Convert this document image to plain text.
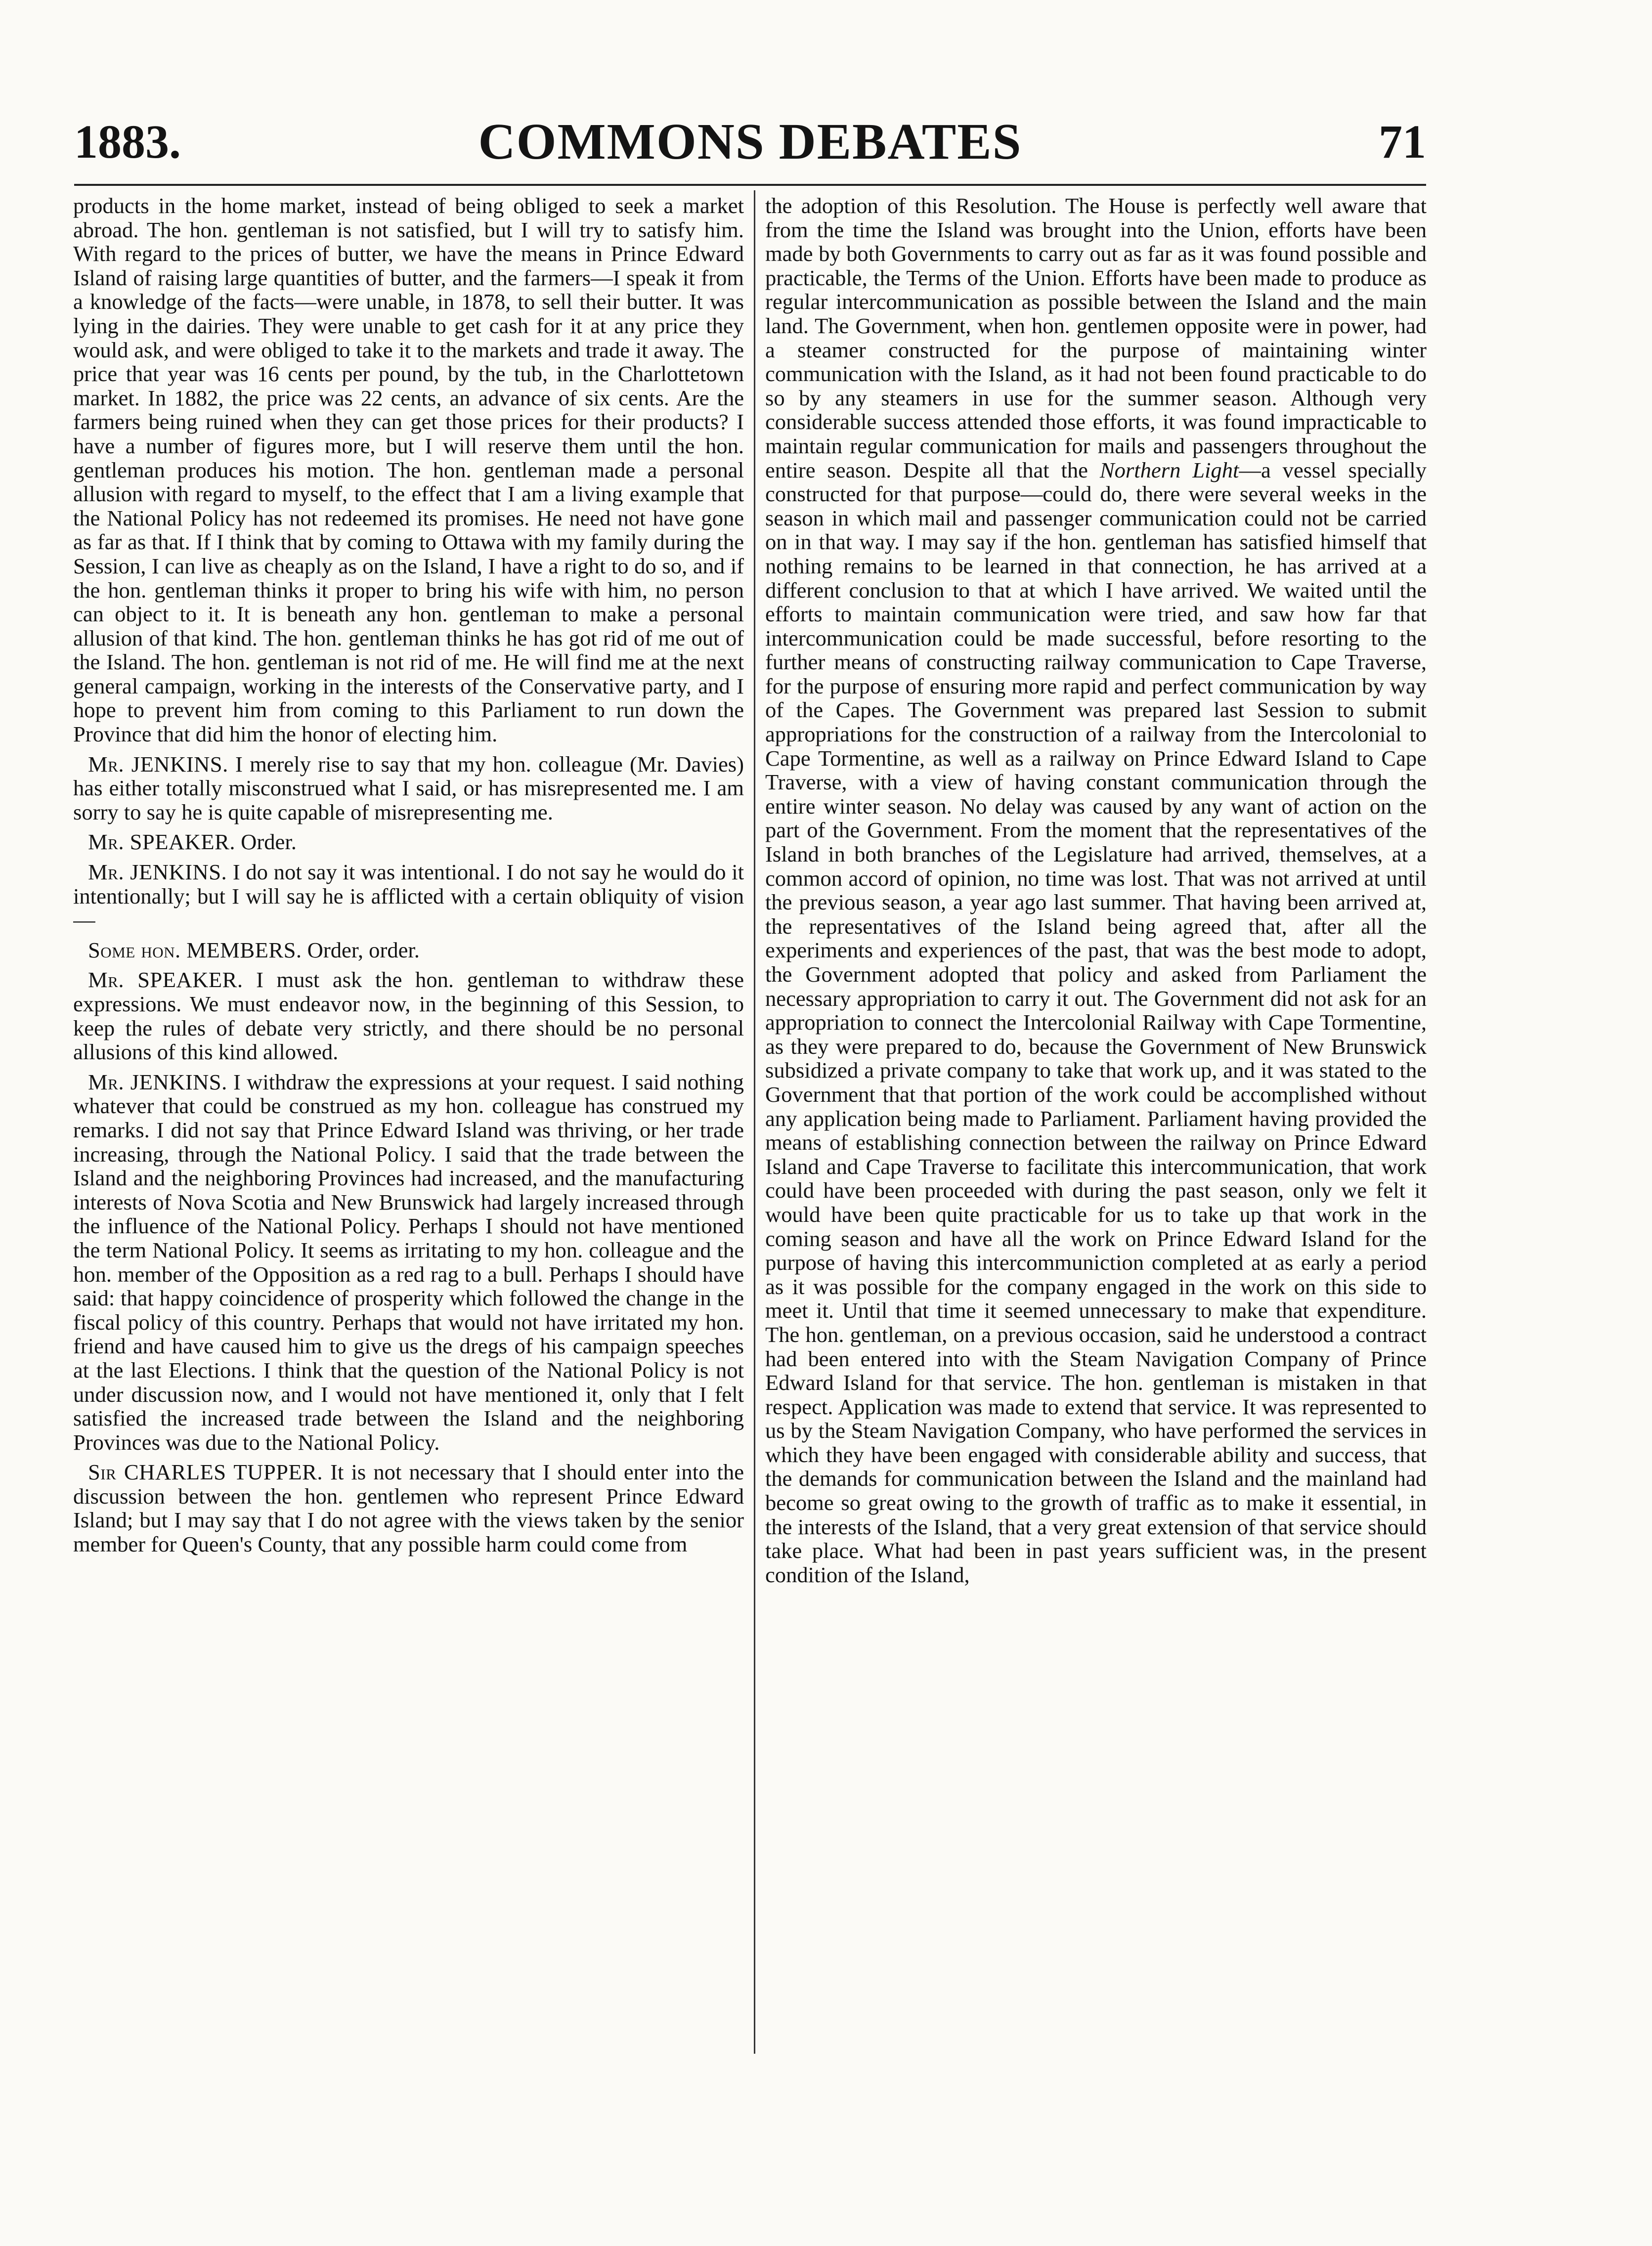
1883.	COMMONS DEBATES	71

products in the home market, instead of being obliged to seek a market abroad. The hon. gentleman is not satisfied, but I will try to satisfy him. With regard to the prices of butter, we have the means in Prince Edward Island of raising large quantities of butter, and the farmers—I speak it from a knowledge of the facts—were unable, in 1878, to sell their butter. It was lying in the dairies. They were unable to get cash for it at any price they would ask, and were obliged to take it to the markets and trade it away. The price that year was 16 cents per pound, by the tub, in the Charlottetown market. In 1882, the price was 22 cents, an advance of six cents. Are the farmers being ruined when they can get those prices for their products? I have a number of figures more, but I will reserve them until the hon. gentleman produces his motion. The hon. gentleman made a personal allusion with regard to myself, to the effect that I am a living example that the National Policy has not redeemed its promises. He need not have gone as far as that. If I think that by coming to Ottawa with my family during the Session, I can live as cheaply as on the Island, I have a right to do so, and if the hon. gentleman thinks it proper to bring his wife with him, no person can object to it. It is beneath any hon. gentleman to make a personal allusion of that kind. The hon. gentleman thinks he has got rid of me out of the Island. The hon. gentleman is not rid of me. He will find me at the next general campaign, working in the interests of the Conservative party, and I hope to prevent him from coming to this Parliament to run down the Province that did him the honor of electing him.

Mr. JENKINS. I merely rise to say that my hon. colleague (Mr. Davies) has either totally misconstrued what I said, or has misrepresented me. I am sorry to say he is quite capable of misrepresenting me.

Mr. SPEAKER. Order.

Mr. JENKINS. I do not say it was intentional. I do not say he would do it intentionally; but I will say he is afflicted with a certain obliquity of vision—

Some hon. MEMBERS. Order, order.

Mr. SPEAKER. I must ask the hon. gentleman to withdraw these expressions. We must endeavor now, in the beginning of this Session, to keep the rules of debate very strictly, and there should be no personal allusions of this kind allowed.

Mr. JENKINS. I withdraw the expressions at your request. I said nothing whatever that could be construed as my hon. colleague has construed my remarks. I did not say that Prince Edward Island was thriving, or her trade increasing, through the National Policy. I said that the trade between the Island and the neighboring Provinces had increased, and the manufacturing interests of Nova Scotia and New Brunswick had largely increased through the influence of the National Policy. Perhaps I should not have mentioned the term National Policy. It seems as irritating to my hon. colleague and the hon. member of the Opposition as a red rag to a bull. Perhaps I should have said: that happy coincidence of prosperity which followed the change in the fiscal policy of this country. Perhaps that would not have irritated my hon. friend and have caused him to give us the dregs of his campaign speeches at the last Elections. I think that the question of the National Policy is not under discussion now, and I would not have mentioned it, only that I felt satisfied the increased trade between the Island and the neighboring Provinces was due to the National Policy.

Sir CHARLES TUPPER. It is not necessary that I should enter into the discussion between the hon. gentlemen who represent Prince Edward Island; but I may say that I do not agree with the views taken by the senior member for Queen's County, that any possible harm could come from

the adoption of this Resolution. The House is perfectly well aware that from the time the Island was brought into the Union, efforts have been made by both Governments to carry out as far as it was found possible and practicable, the Terms of the Union. Efforts have been made to produce as regular intercommunication as possible between the Island and the main land. The Government, when hon. gentlemen opposite were in power, had a steamer constructed for the purpose of maintaining winter communication with the Island, as it had not been found practicable to do so by any steamers in use for the summer season. Although very considerable success attended those efforts, it was found impracticable to maintain regular communication for mails and passengers throughout the entire season. Despite all that the Northern Light—a vessel specially constructed for that purpose—could do, there were several weeks in the season in which mail and passenger communication could not be carried on in that way. I may say if the hon. gentleman has satisfied himself that nothing remains to be learned in that connection, he has arrived at a different conclusion to that at which I have arrived. We waited until the efforts to maintain communication were tried, and saw how far that intercommunication could be made successful, before resorting to the further means of constructing railway communication to Cape Traverse, for the purpose of ensuring more rapid and perfect communication by way of the Capes. The Government was prepared last Session to submit appropriations for the construction of a railway from the Intercolonial to Cape Tormentine, as well as a railway on Prince Edward Island to Cape Traverse, with a view of having constant communication through the entire winter season. No delay was caused by any want of action on the part of the Government. From the moment that the representatives of the Island in both branches of the Legislature had arrived, themselves, at a common accord of opinion, no time was lost. That was not arrived at until the previous season, a year ago last summer. That having been arrived at, the representatives of the Island being agreed that, after all the experiments and experiences of the past, that was the best mode to adopt, the Government adopted that policy and asked from Parliament the necessary appropriation to carry it out. The Government did not ask for an appropriation to connect the Intercolonial Railway with Cape Tormentine, as they were prepared to do, because the Government of New Brunswick subsidized a private company to take that work up, and it was stated to the Government that that portion of the work could be accomplished without any application being made to Parliament. Parliament having provided the means of establishing connection between the railway on Prince Edward Island and Cape Traverse to facilitate this intercommunication, that work could have been proceeded with during the past season, only we felt it would have been quite practicable for us to take up that work in the coming season and have all the work on Prince Edward Island for the purpose of having this intercommuniction completed at as early a period as it was possible for the company engaged in the work on this side to meet it. Until that time it seemed unnecessary to make that expenditure. The hon. gentleman, on a previous occasion, said he understood a contract had been entered into with the Steam Navigation Company of Prince Edward Island for that service. The hon. gentleman is mistaken in that respect. Application was made to extend that service. It was represented to us by the Steam Navigation Company, who have performed the services in which they have been engaged with considerable ability and success, that the demands for communication between the Island and the mainland had become so great owing to the growth of traffic as to make it essential, in the interests of the Island, that a very great extension of that service should take place. What had been in past years sufficient was, in the present condition of the Island,
